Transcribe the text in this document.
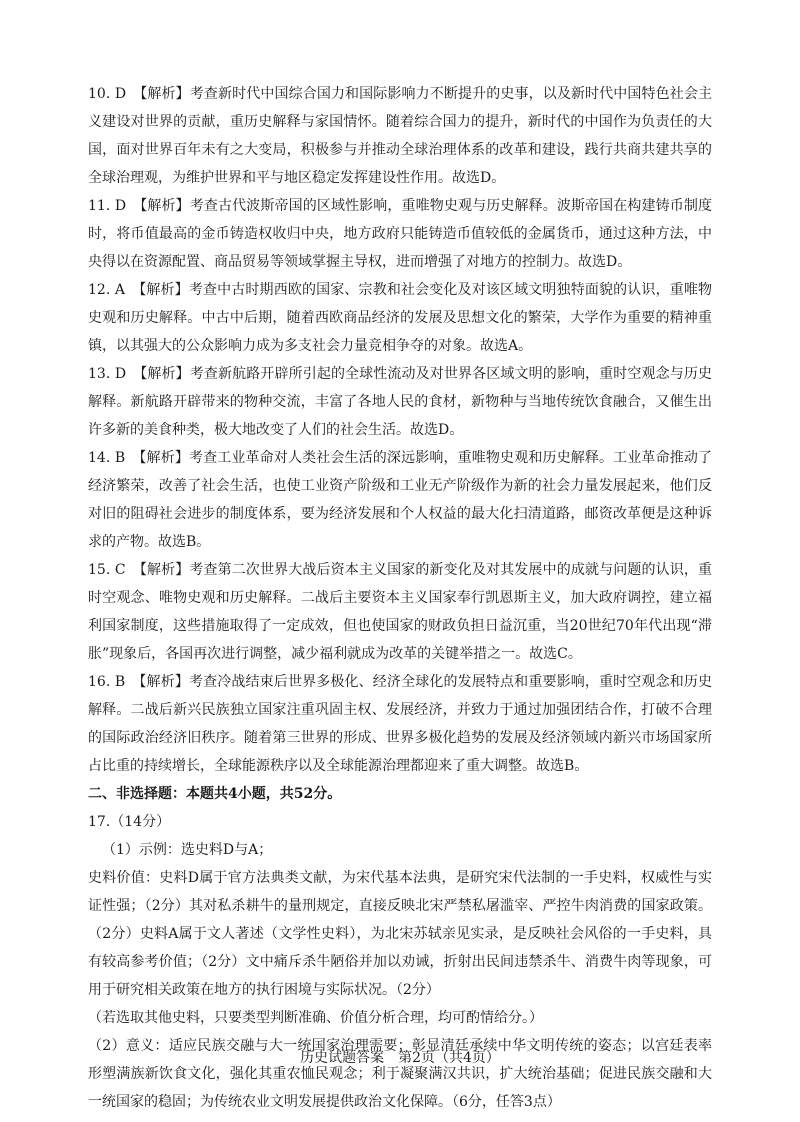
10. D　【解析】考查新时代中国综合国力和国际影响力不断提升的史事，以及新时代中国特色社会主义建设对世界的贡献，重历史解释与家国情怀。随着综合国力的提升，新时代的中国作为负责任的大国，面对世界百年未有之大变局，积极参与并推动全球治理体系的改革和建设，践行共商共建共享的全球治理观，为维护世界和平与地区稳定发挥建设性作用。故选D。

11. D　【解析】考查古代波斯帝国的区域性影响，重唯物史观与历史解释。波斯帝国在构建铸币制度时，将币值最高的金币铸造权收归中央，地方政府只能铸造币值较低的金属货币，通过这种方法，中央得以在资源配置、商品贸易等领域掌握主导权，进而增强了对地方的控制力。故选D。

12. A　【解析】考查中古时期西欧的国家、宗教和社会变化及对该区域文明独特面貌的认识，重唯物史观和历史解释。中古中后期，随着西欧商品经济的发展及思想文化的繁荣，大学作为重要的精神重镇，以其强大的公众影响力成为多支社会力量竞相争夺的对象。故选A。

13. D　【解析】考查新航路开辟所引起的全球性流动及对世界各区域文明的影响，重时空观念与历史解释。新航路开辟带来的物种交流，丰富了各地人民的食材，新物种与当地传统饮食融合，又催生出许多新的美食种类，极大地改变了人们的社会生活。故选D。

14. B　【解析】考查工业革命对人类社会生活的深远影响，重唯物史观和历史解释。工业革命推动了经济繁荣，改善了社会生活，也使工业资产阶级和工业无产阶级作为新的社会力量发展起来，他们反对旧的阻碍社会进步的制度体系，要为经济发展和个人权益的最大化扫清道路，邮资改革便是这种诉求的产物。故选B。

15. C　【解析】考查第二次世界大战后资本主义国家的新变化及对其发展中的成就与问题的认识，重时空观念、唯物史观和历史解释。二战后主要资本主义国家奉行凯恩斯主义，加大政府调控，建立福利国家制度，这些措施取得了一定成效，但也使国家的财政负担日益沉重，当20世纪70年代出现“滞胀”现象后，各国再次进行调整，减少福利就成为改革的关键举措之一。故选C。

16. B　【解析】考查冷战结束后世界多极化、经济全球化的发展特点和重要影响，重时空观念和历史解释。二战后新兴民族独立国家注重巩固主权、发展经济，并致力于通过加强团结合作，打破不合理的国际政治经济旧秩序。随着第三世界的形成、世界多极化趋势的发展及经济领域内新兴市场国家所占比重的持续增长，全球能源秩序以及全球能源治理都迎来了重大调整。故选B。

二、非选择题：本题共4小题，共52分。

17.（14分）

（1）示例：选史料D与A；

史料价值：史料D属于官方法典类文献，为宋代基本法典，是研究宋代法制的一手史料，权威性与实证性强；（2分）其对私杀耕牛的量刑规定，直接反映北宋严禁私屠滥宰、严控牛肉消费的国家政策。（2分）史料A属于文人著述（文学性史料），为北宋苏轼亲见实录，是反映社会风俗的一手史料，具有较高参考价值；（2分）文中痛斥杀牛陋俗并加以劝诫，折射出民间违禁杀牛、消费牛肉等现象，可用于研究相关政策在地方的执行困境与实际状况。（2分）

（若选取其他史料，只要类型判断准确、价值分析合理，均可酌情给分。）

（2）意义：适应民族交融与大一统国家治理需要；彰显清廷承续中华文明传统的姿态；以宫廷表率形塑满族新饮食文化，强化其重农恤民观念；利于凝聚满汉共识，扩大统治基础；促进民族交融和大一统国家的稳固；为传统农业文明发展提供政治文化保障。（6分，任答3点）

历史试题答案　第2页（共4页）
